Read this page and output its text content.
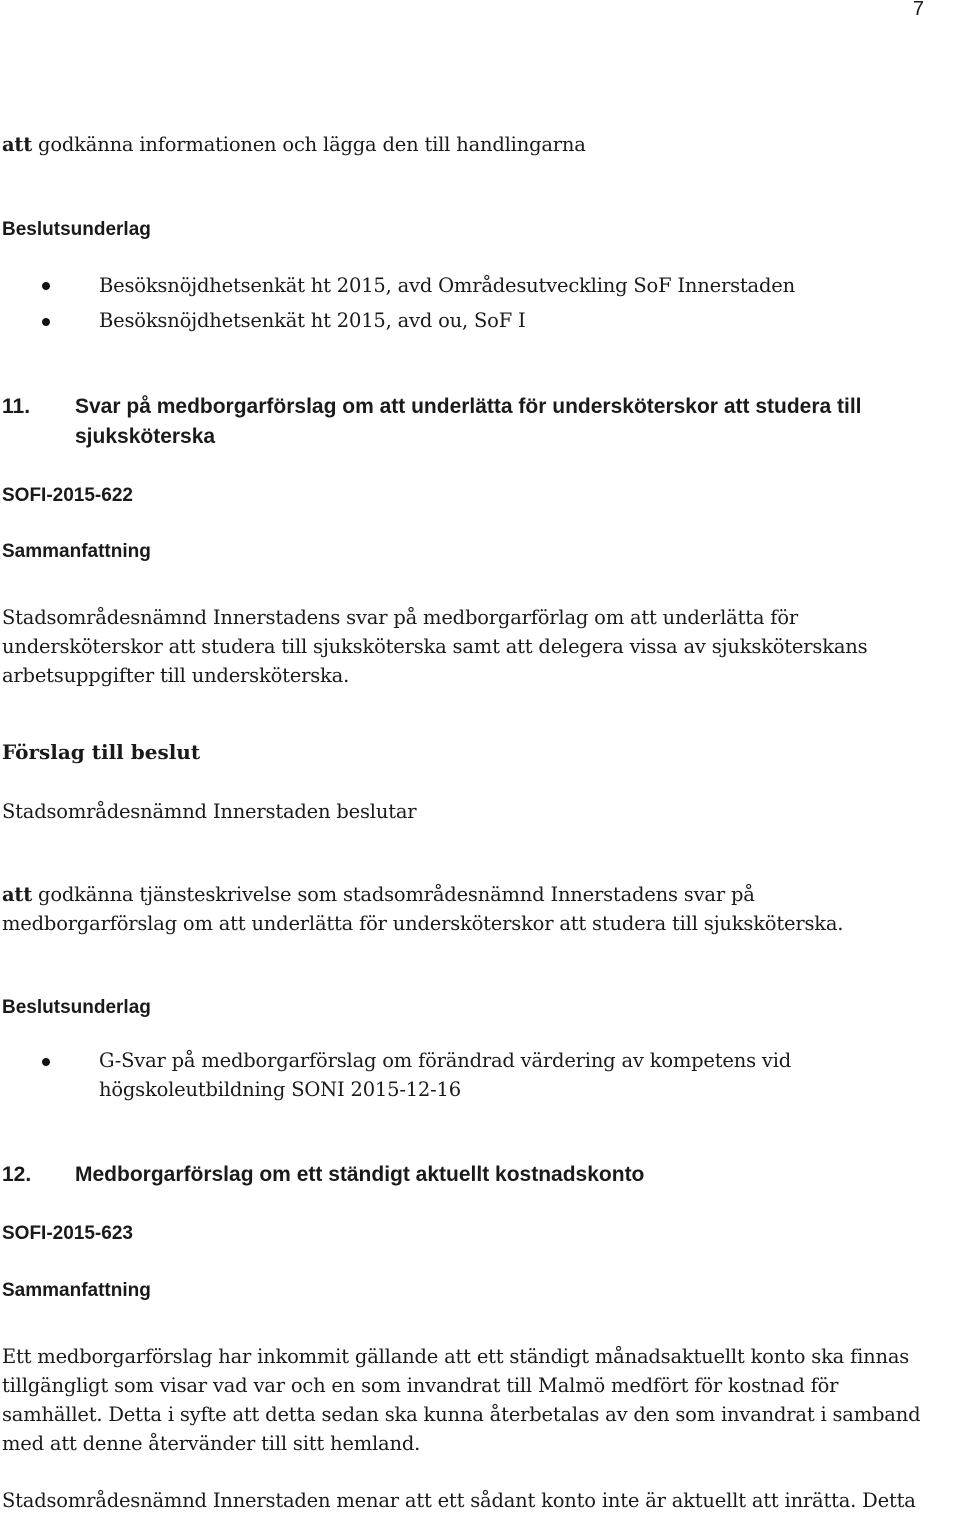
7
att godkänna informationen och lägga den till handlingarna
Beslutsunderlag
Besöksnöjdhetsenkät ht 2015, avd Områdesutveckling SoF Innerstaden
Besöksnöjdhetsenkät ht 2015, avd ou, SoF I
11. Svar på medborgarförslag om att underlätta för undersköterskor att studera till
sjuksköterska
SOFI-2015-622
Sammanfattning
Stadsområdesnämnd Innerstadens svar på medborgarförlag om att underlätta för
undersköterskor att studera till sjuksköterska samt att delegera vissa av sjuksköterskans
arbetsuppgifter till undersköterska.
Förslag till beslut
Stadsområdesnämnd Innerstaden beslutar
att godkänna tjänsteskrivelse som stadsområdesnämnd Innerstadens svar på
medborgarförslag om att underlätta för undersköterskor att studera till sjuksköterska.
Beslutsunderlag
G-Svar på medborgarförslag om förändrad värdering av kompetens vid
högskoleutbildning SONI 2015-12-16
12. Medborgarförslag om ett ständigt aktuellt kostnadskonto
SOFI-2015-623
Sammanfattning
Ett medborgarförslag har inkommit gällande att ett ständigt månadsaktuellt konto ska finnas
tillgängligt som visar vad var och en som invandrat till Malmö medfört för kostnad för
samhället. Detta i syfte att detta sedan ska kunna återbetalas av den som invandrat i samband
med att denne återvänder till sitt hemland.
Stadsområdesnämnd Innerstaden menar att ett sådant konto inte är aktuellt att inrätta. Detta
